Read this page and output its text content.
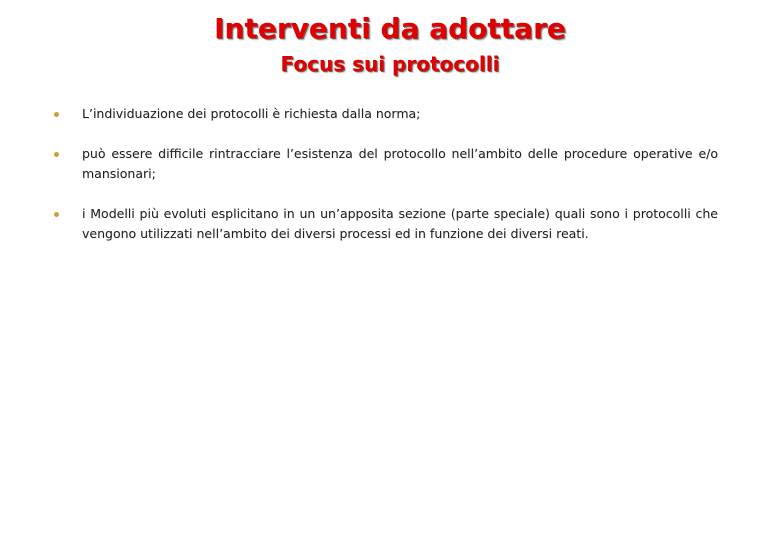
Interventi da adottare
Focus sui protocolli
L’individuazione dei protocolli è richiesta dalla norma;
può essere difficile rintracciare l’esistenza del protocollo nell’ambito delle procedure operative e/o mansionari;
i Modelli più evoluti esplicitano in un un’apposita sezione (parte speciale) quali sono i protocolli che vengono utilizzati nell’ambito dei diversi processi ed in funzione dei diversi reati.
